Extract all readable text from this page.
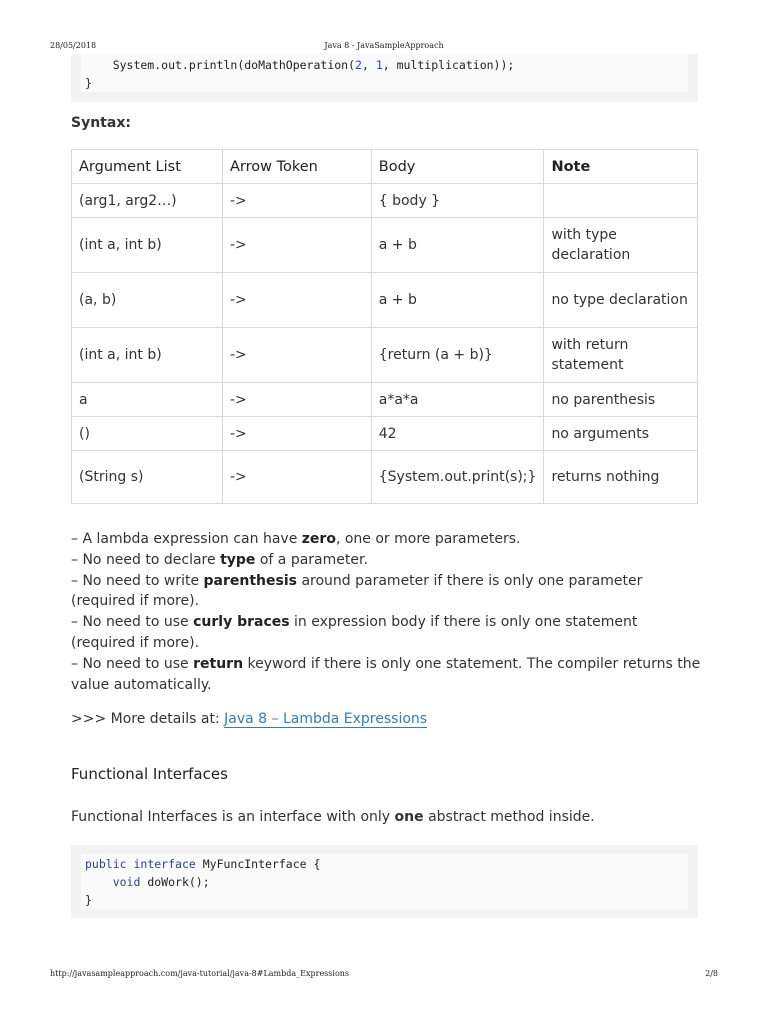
28/05/2018	Java 8 - JavaSampleApproach
System.out.println(doMathOperation(2, 1, multiplication));
}
Syntax:
Argument List	Arrow Token	Body	Note
(arg1, arg2…)	->	{ body }	
(int a, int b)	->	a + b	with type declaration
(a, b)	->	a + b	no type declaration
(int a, int b)	->	{return (a + b)}	with return statement
a	->	a*a*a	no parenthesis
()	->	42	no arguments
(String s)	->	{System.out.print(s);}	returns nothing
– A lambda expression can have zero, one or more parameters.
– No need to declare type of a parameter.
– No need to write parenthesis around parameter if there is only one parameter (required if more).
– No need to use curly braces in expression body if there is only one statement (required if more).
– No need to use return keyword if there is only one statement. The compiler returns the value automatically.
>>> More details at: Java 8 – Lambda Expressions
Functional Interfaces
Functional Interfaces is an interface with only one abstract method inside.
public interface MyFuncInterface {
void doWork();
}
http://javasampleapproach.com/java-tutorial/java-8#Lambda_Expressions	2/8
